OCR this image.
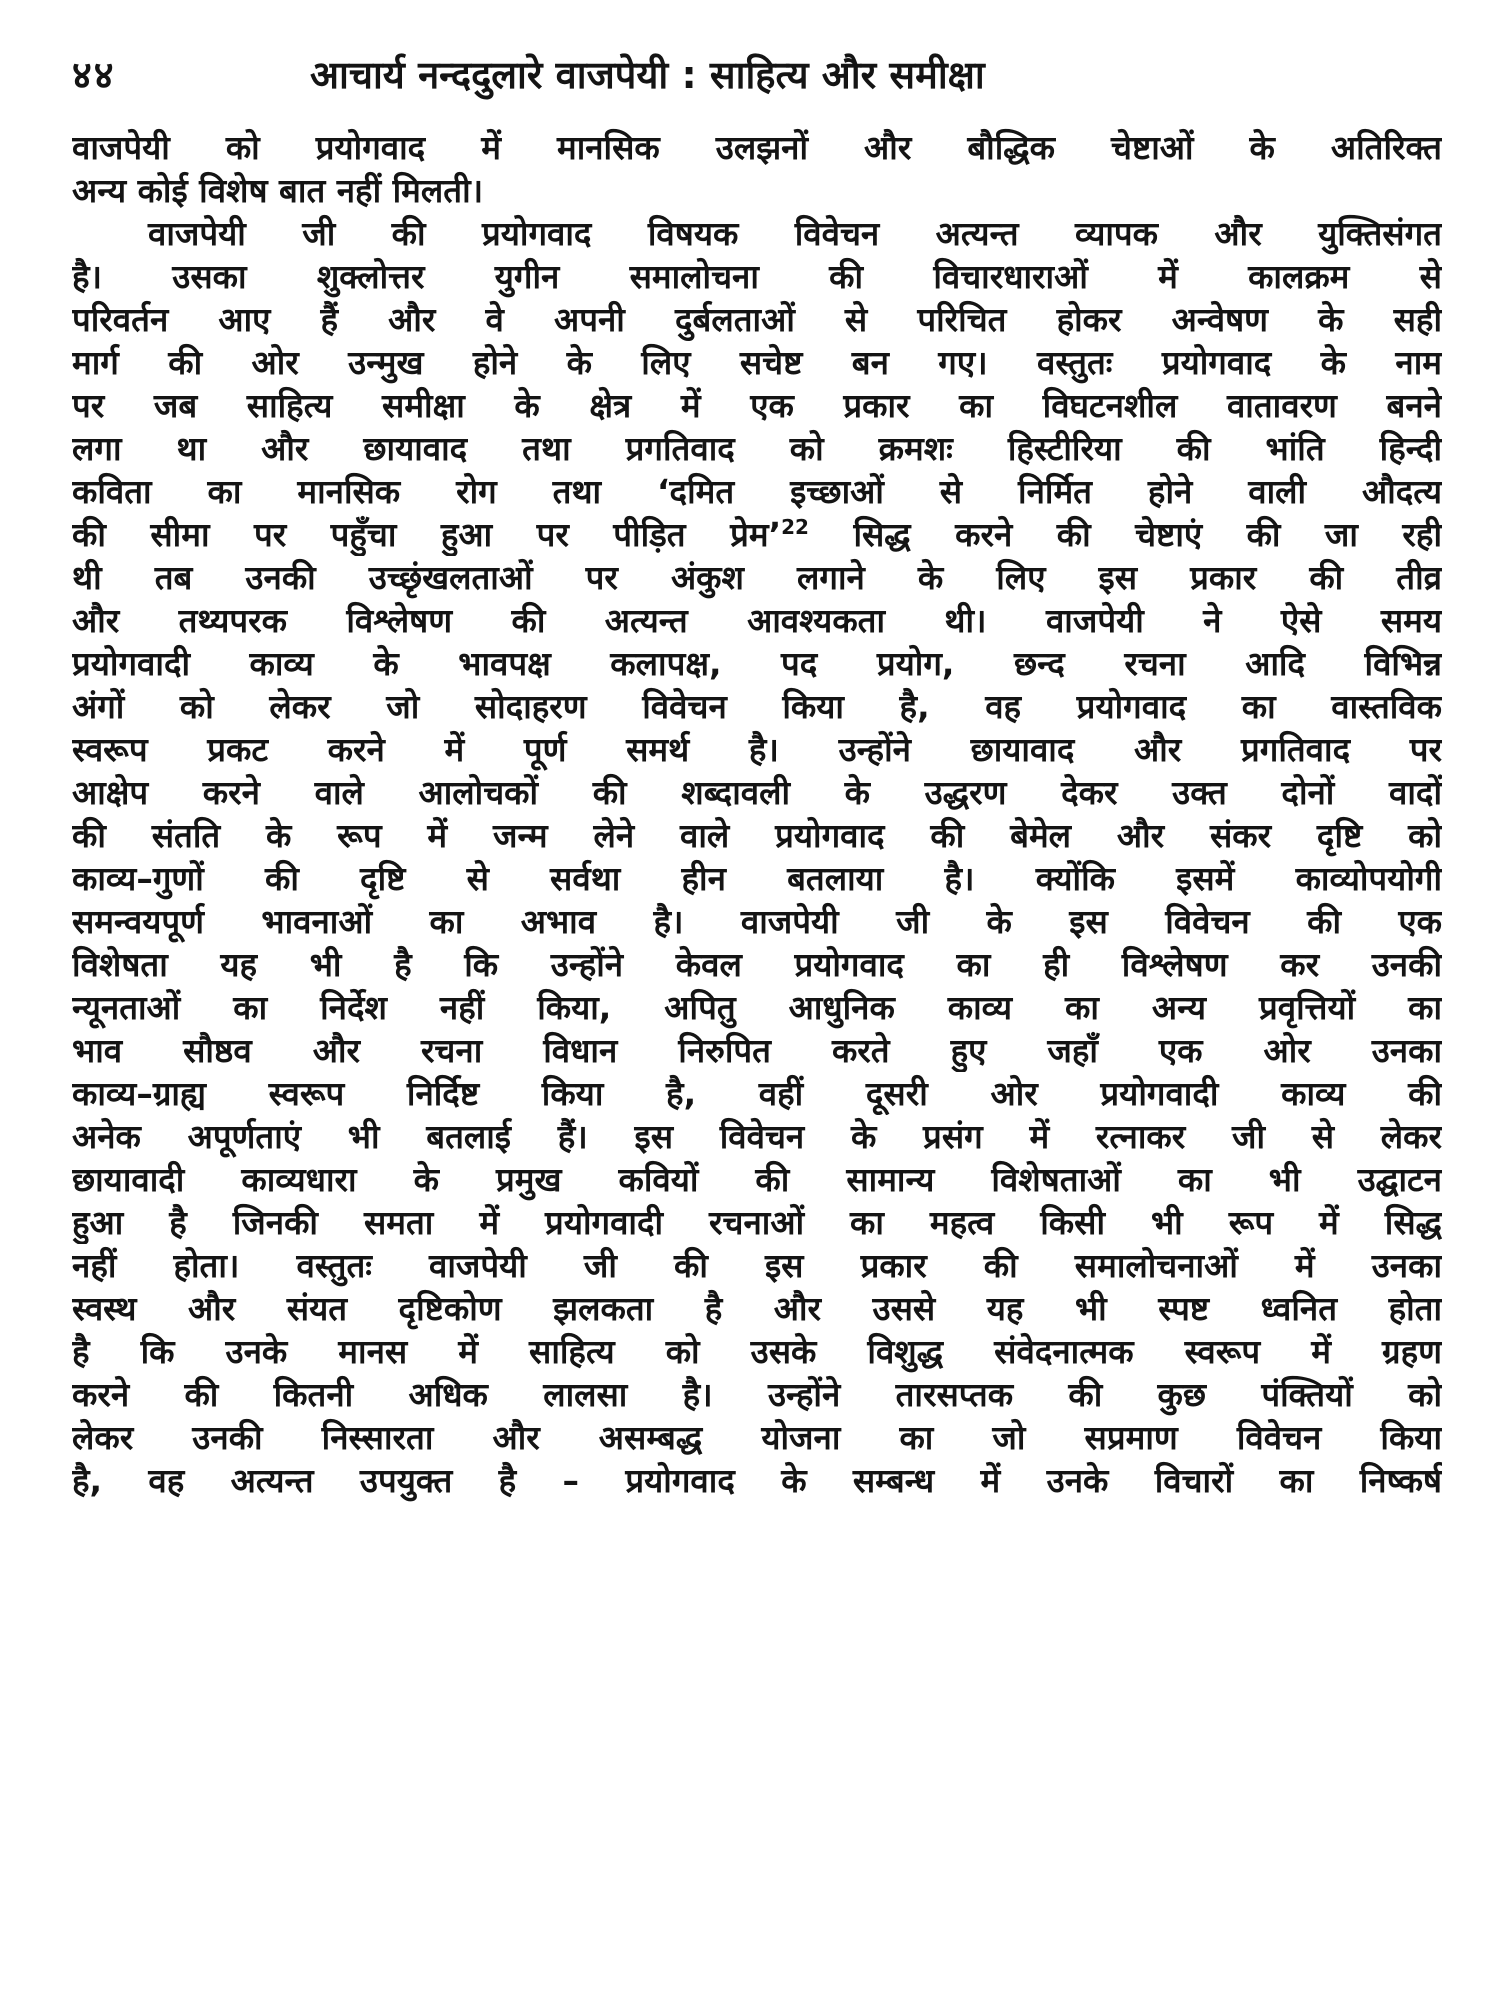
४४	आचार्य नन्ददुलारे वाजपेयी : साहित्य और समीक्षा
वाजपेयी को प्रयोगवाद में मानसिक उलझनों और बौद्धिक चेष्टाओं के अतिरिक्त
अन्य कोई विशेष बात नहीं मिलती।
वाजपेयी जी की प्रयोगवाद विषयक विवेचन अत्यन्त व्यापक और युक्तिसंगत
है। उसका शुक्लोत्तर युगीन समालोचना की विचारधाराओं में कालक्रम से
परिवर्तन आए हैं और वे अपनी दुर्बलताओं से परिचित होकर अन्वेषण के सही
मार्ग की ओर उन्मुख होने के लिए सचेष्ट बन गए। वस्तुतः प्रयोगवाद के नाम
पर जब साहित्य समीक्षा के क्षेत्र में एक प्रकार का विघटनशील वातावरण बनने
लगा था और छायावाद तथा प्रगतिवाद को क्रमशः हिस्टीरिया की भांति हिन्दी
कविता का मानसिक रोग तथा ‘दमित इच्छाओं से निर्मित होने वाली औदत्य
की सीमा पर पहुँचा हुआ पर पीड़ित प्रेम’$^{22}$ सिद्ध करने की चेष्टाएं की जा रही
थी तब उनकी उच्छृंखलताओं पर अंकुश लगाने के लिए इस प्रकार की तीव्र
और तथ्यपरक विश्लेषण की अत्यन्त आवश्यकता थी। वाजपेयी ने ऐसे समय
प्रयोगवादी काव्य के भावपक्ष कलापक्ष, पद प्रयोग, छन्द रचना आदि विभिन्न
अंगों को लेकर जो सोदाहरण विवेचन किया है, वह प्रयोगवाद का वास्तविक
स्वरूप प्रकट करने में पूर्ण समर्थ है। उन्होंने छायावाद और प्रगतिवाद पर
आक्षेप करने वाले आलोचकों की शब्दावली के उद्धरण देकर उक्त दोनों वादों
की संतति के रूप में जन्म लेने वाले प्रयोगवाद की बेमेल और संकर दृष्टि को
काव्य–गुणों की दृष्टि से सर्वथा हीन बतलाया है। क्योंकि इसमें काव्योपयोगी
समन्वयपूर्ण भावनाओं का अभाव है। वाजपेयी जी के इस विवेचन की एक
विशेषता यह भी है कि उन्होंने केवल प्रयोगवाद का ही विश्लेषण कर उनकी
न्यूनताओं का निर्देश नहीं किया, अपितु आधुनिक काव्य का अन्य प्रवृत्तियों का
भाव सौष्ठव और रचना विधान निरुपित करते हुए जहाँ एक ओर उनका
काव्य–ग्राह्य स्वरूप निर्दिष्ट किया है, वहीं दूसरी ओर प्रयोगवादी काव्य की
अनेक अपूर्णताएं भी बतलाई हैं। इस विवेचन के प्रसंग में रत्नाकर जी से लेकर
छायावादी काव्यधारा के प्रमुख कवियों की सामान्य विशेषताओं का भी उद्घाटन
हुआ है जिनकी समता में प्रयोगवादी रचनाओं का महत्व किसी भी रूप में सिद्ध
नहीं होता। वस्तुतः वाजपेयी जी की इस प्रकार की समालोचनाओं में उनका
स्वस्थ और संयत दृष्टिकोण झलकता है और उससे यह भी स्पष्ट ध्वनित होता
है कि उनके मानस में साहित्य को उसके विशुद्ध संवेदनात्मक स्वरूप में ग्रहण
करने की कितनी अधिक लालसा है। उन्होंने तारसप्तक की कुछ पंक्तियों को
लेकर उनकी निस्सारता और असम्बद्ध योजना का जो सप्रमाण विवेचन किया
है, वह अत्यन्त उपयुक्त है – प्रयोगवाद के सम्बन्ध में उनके विचारों का निष्कर्ष
